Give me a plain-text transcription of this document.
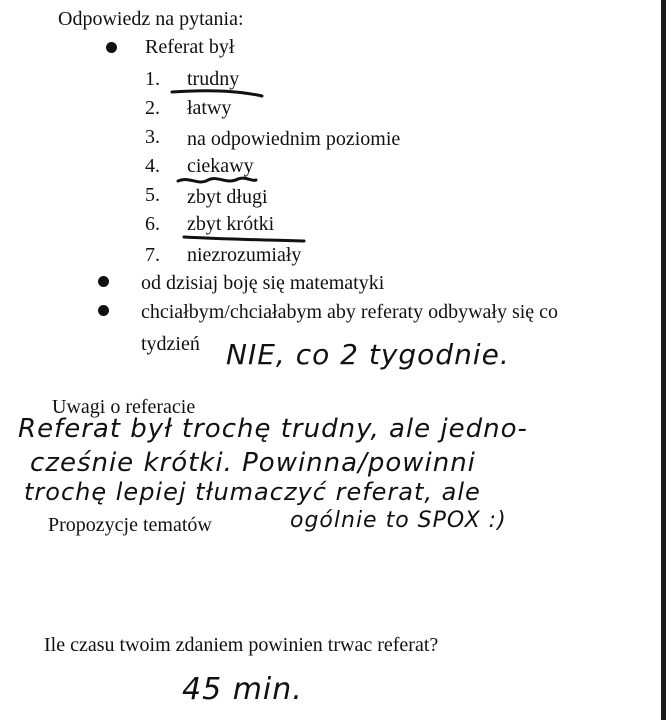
Odpowiedz na pytania:
Referat był
1. trudny
2. łatwy
3. na odpowiednim poziomie
4. ciekawy
5. zbyt długi
6. zbyt krótki
7. niezrozumiały
od dzisiaj boję się matematyki
chciałbym/chciałabym aby referaty odbywały się co
tydzień NIE, co 2 tygodnie.
Uwagi o referacie
Referat był trochę trudny, ale jedno-
cześnie krótki. Powinna/powinni
trochę lepiej tłumaczyć referat, ale
Propozycje tematów	ogólnie to SPOX :)
Ile czasu twoim zdaniem powinien trwac referat?
45 min.
